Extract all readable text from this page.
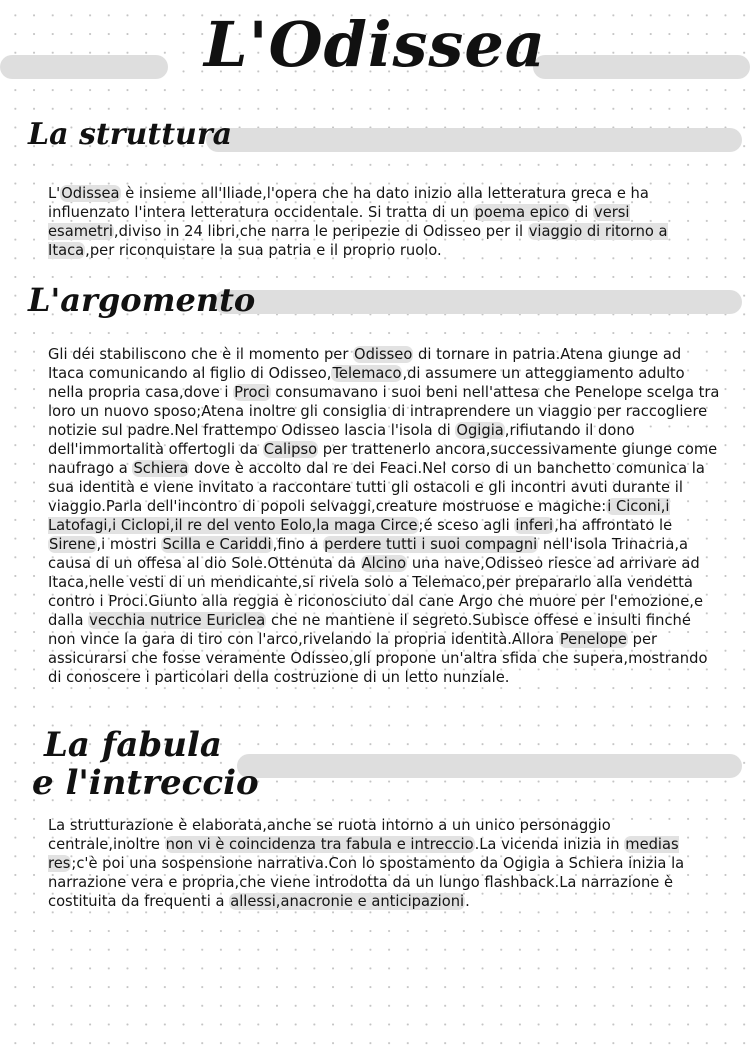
L'Odissea
La struttura

L'Odissea è insieme all'Iliade,l'opera che ha dato inizio alla letteratura greca e ha influenzato l'intera letteratura occidentale. Si tratta di un poema epico di versi esametri,diviso in 24 libri,che narra le peripezie di Odisseo per il viaggio di ritorno a Itaca,per riconquistare la sua patria e il proprio ruolo.

L'argomento

Gli déi stabiliscono che è il momento per Odisseo di tornare in patria.Atena giunge ad Itaca comunicando al figlio di Odisseo,Telemaco,di assumere un atteggiamento adulto nella propria casa,dove i Proci consumavano i suoi beni nell'attesa che Penelope scelga tra loro un nuovo sposo;Atena inoltre gli consiglia di intraprendere un viaggio per raccogliere notizie sul padre.Nel frattempo Odisseo lascia l'isola di Ogigia,rifiutando il dono dell'immortalità offertogli da Calipso per trattenerlo ancora,successivamente giunge come naufrago a Schiera dove è accolto dal re dei Feaci.Nel corso di un banchetto comunica la sua identità e viene invitato a raccontare tutti gli ostacoli e gli incontri avuti durante il viaggio.Parla dell'incontro di popoli selvaggi,creature mostruose e magiche:i Ciconi,i Latofagi,i Ciclopi,il re del vento Eolo,la maga Circe;é sceso agli inferi,ha affrontato le Sirene,i mostri Scilla e Cariddi,fino a perdere tutti i suoi compagni nell'isola Trinacria,a causa di un offesa al dio Sole.Ottenuta da Alcino una nave,Odisseo riesce ad arrivare ad Itaca,nelle vesti di un mendicante,si rivela solo a Telemaco,per prepararlo alla vendetta contro i Proci.Giunto alla reggia è riconosciuto dal cane Argo che muore per l'emozione,e dalla vecchia nutrice Euriclea che ne mantiene il segreto.Subisce offese e insulti finché non vince la gara di tiro con l'arco,rivelando la propria identità.Allora Penelope per assicurarsi che fosse veramente Odisseo,gli propone un'altra sfida che supera,mostrando di conoscere i particolari della costruzione di un letto nunziale.

La fabula
e l'intreccio

La strutturazione è elaborata,anche se ruota intorno a un unico personaggio centrale,inoltre non vi è coincidenza tra fabula e intreccio.La vicenda inizia in medias res;c'è poi una sospensione narrativa.Con lo spostamento da Ogigia a Schiera inizia la narrazione vera e propria,che viene introdotta da un lungo flashback.La narrazione è costituita da frequenti a allessi,anacronie e anticipazioni.
